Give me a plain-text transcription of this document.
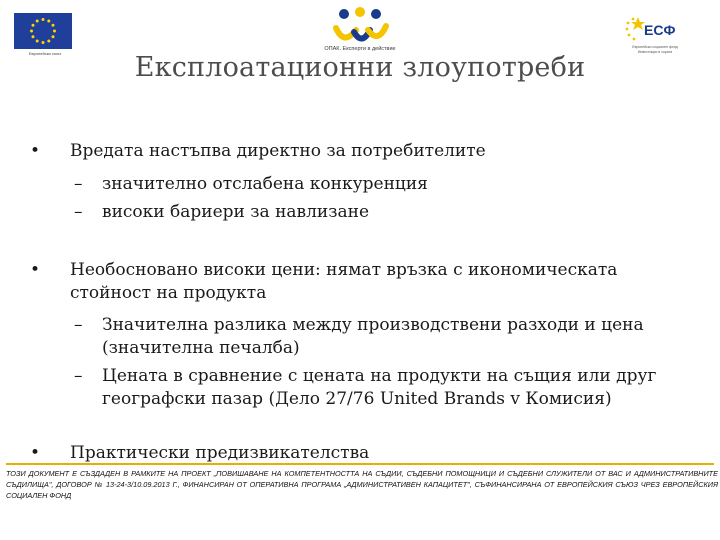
Европейски съюз
ОПАК. Експерти в действие
ЕСФ
Европейски социален фонд Инвестиции в хората
Експлоатационни злоупотреби
• Вредата настъпва директно за потребителите
– значително отслабена конкуренция
– високи бариери за навлизане
• Необосновано високи цени: нямат връзка с икономическата стойност на продукта
– Значителна разлика между производствени разходи и цена (значителна печалба)
– Цената в сравнение с цената на продукти на същия или друг географски пазар (Дело 27/76 United Brands v Комисия)
• Практически предизвикателства
ТОЗИ ДОКУМЕНТ Е СЪЗДАДЕН В РАМКИТЕ НА ПРОЕКТ „ПОВИШАВАНЕ НА КОМПЕТЕНТНОСТТА НА СЪДИИ, СЪДЕБНИ ПОМОЩНИЦИ И СЪДЕБНИ СЛУЖИТЕЛИ ОТ ВАС И АДМИНИСТРАТИВНИТЕ СЪДИЛИЩА", ДОГОВОР № 13-24-3/10.09.2013 Г., ФИНАНСИРАН ОТ ОПЕРАТИВНА ПРОГРАМА „АДМИНИСТРАТИВЕН КАПАЦИТЕТ", СЪФИНАНСИРАНА ОТ ЕВРОПЕЙСКИЯ СЪЮЗ ЧРЕЗ ЕВРОПЕЙСКИЯ СОЦИАЛЕН ФОНД
